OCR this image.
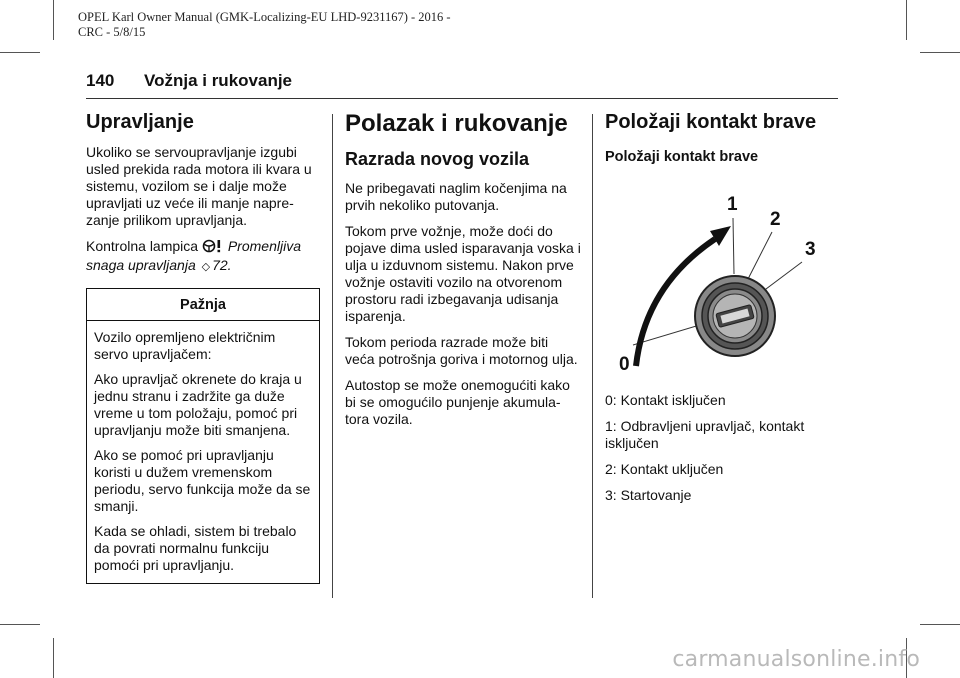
OPEL Karl Owner Manual (GMK-Localizing-EU LHD-9231167) - 2016 -
CRC - 5/8/15
140 Vožnja i rukovanje
Upravljanje

Ukoliko se servoupravljanje izgubi usled prekida rada motora ili kvara u sistemu, vozilom se i dalje može upravljati uz veće ili manje napre-zanje prilikom upravljanja.

Kontrolna lampica Promenljiva snaga upravljanja ◇ 72.

Pažnja

Vozilo opremljeno električnim servo upravljačem:

Ako upravljač okrenete do kraja u jednu stranu i zadržite ga duže vreme u tom položaju, pomoć pri upravljanju može biti smanjena.

Ako se pomoć pri upravljanju koristi u dužem vremenskom periodu, servo funkcija može da se smanji.

Kada se ohladi, sistem bi trebalo da povrati normalnu funkciju pomoći pri upravljanju.

Polazak i rukovanje
Razrada novog vozila

Ne pribegavati naglim kočenjima na prvih nekoliko putovanja.

Tokom prve vožnje, može doći do pojave dima usled isparavanja voska i ulja u izduvnom sistemu. Nakon prve vožnje ostaviti vozilo na otvorenom prostoru radi izbegavanja udisanja isparenja.

Tokom perioda razrade može biti veća potrošnja goriva i motornog ulja.

Autostop se može onemogućiti kako bi se omogućilo punjenje akumula-tora vozila.

Položaji kontakt brave
Položaji kontakt brave
0
1
2
3

0: Kontakt isključen

1: Odbravljeni upravljač, kontakt isključen

2: Kontakt uključen

3: Startovanje

carmanualsonline.info
